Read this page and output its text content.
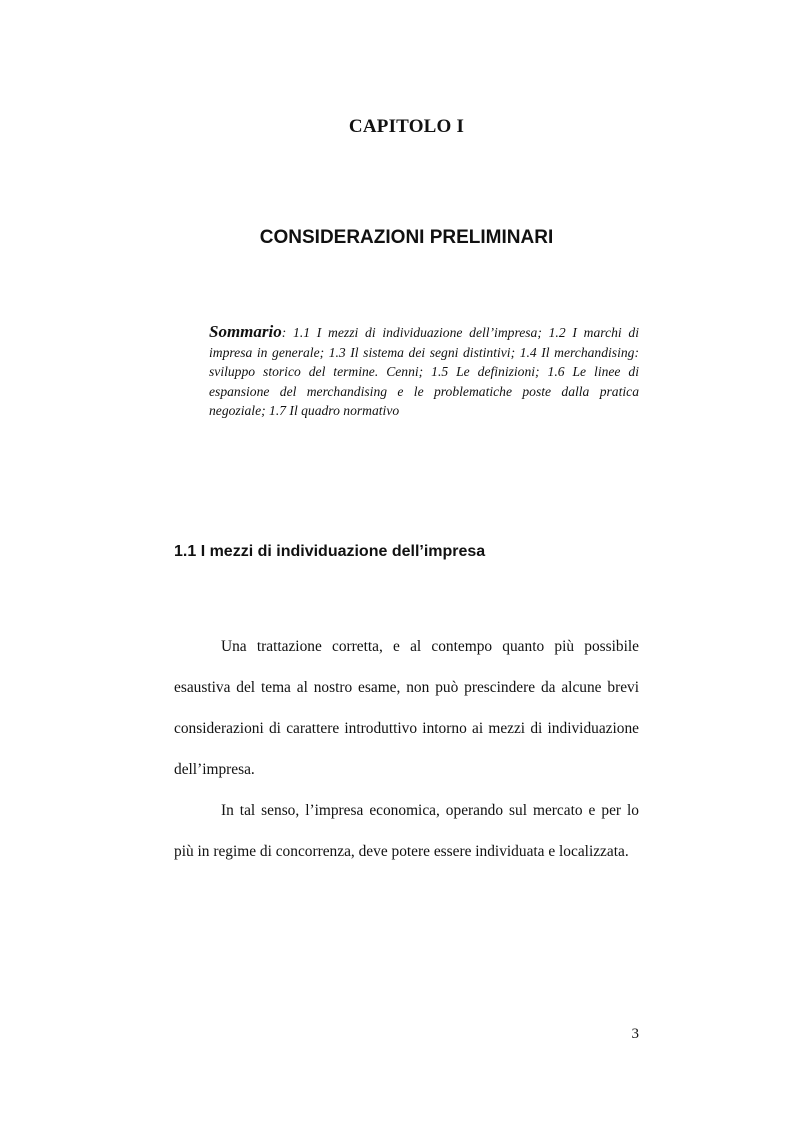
CAPITOLO I
CONSIDERAZIONI PRELIMINARI

Sommario: 1.1 I mezzi di individuazione dell’impresa; 1.2 I marchi di impresa in generale; 1.3 Il sistema dei segni distintivi; 1.4 Il merchandising: sviluppo storico del termine. Cenni; 1.5 Le definizioni; 1.6 Le linee di espansione del merchandising e le problematiche poste dalla pratica negoziale; 1.7 Il quadro normativo

1.1 I mezzi di individuazione dell’impresa

Una trattazione corretta, e al contempo quanto più possibile esaustiva del tema al nostro esame, non può prescindere da alcune brevi considerazioni di carattere introduttivo intorno ai mezzi di individuazione dell’impresa.

In tal senso, l’impresa economica, operando sul mercato e per lo più in regime di concorrenza, deve potere essere individuata e localizzata.

3
